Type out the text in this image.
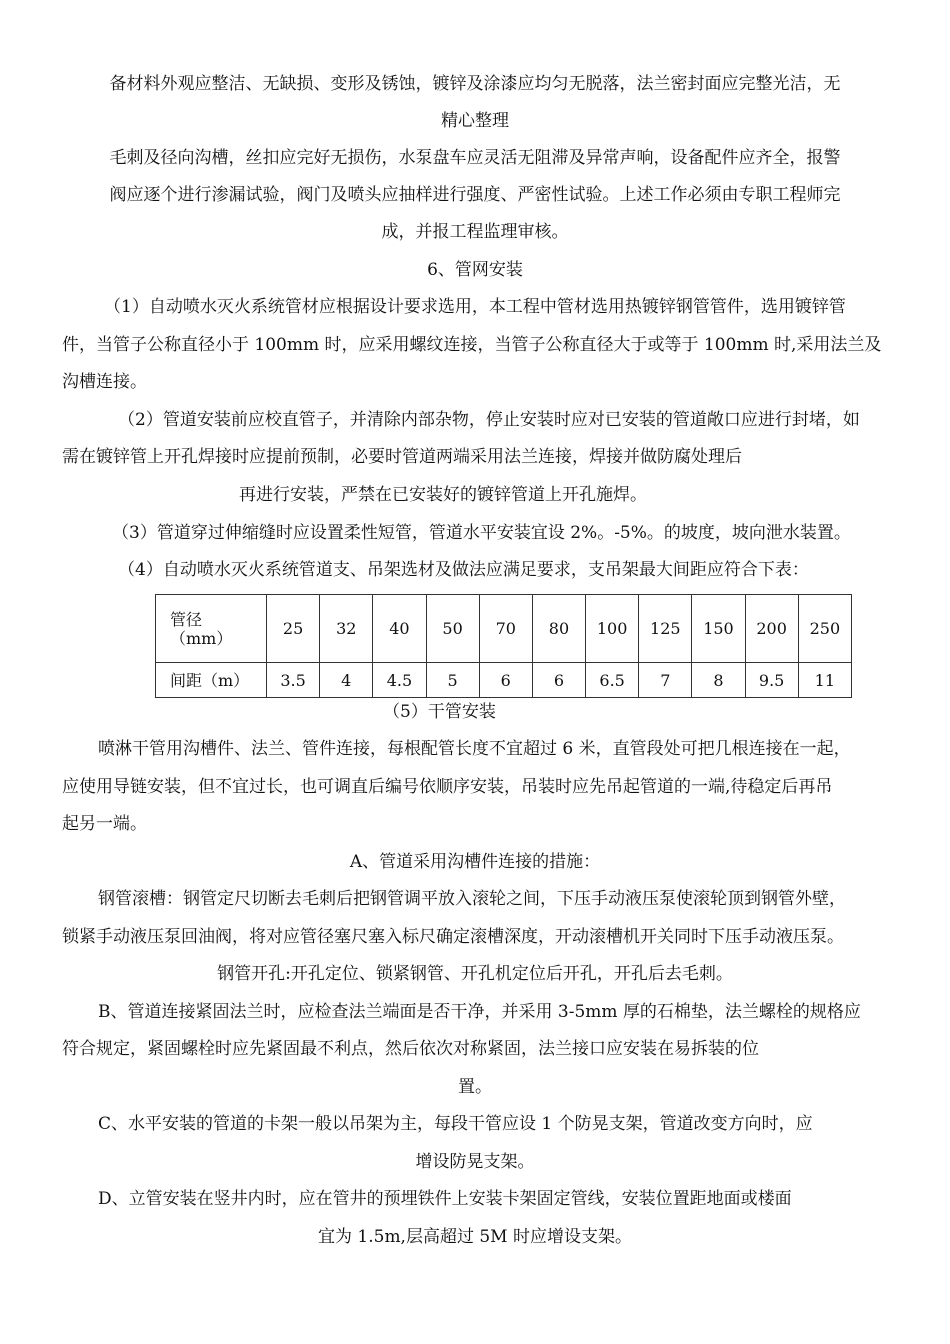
备材料外观应整洁、无缺损、变形及锈蚀，镀锌及涂漆应均匀无脱落，法兰密封面应完整光洁，无
精心整理
毛刺及径向沟槽，丝扣应完好无损伤，水泵盘车应灵活无阻滞及异常声响，设备配件应齐全，报警
阀应逐个进行渗漏试验，阀门及喷头应抽样进行强度、严密性试验。上述工作必须由专职工程师完
成，并报工程监理审核。
6、管网安装
（1）自动喷水灭火系统管材应根据设计要求选用，本工程中管材选用热镀锌钢管管件，选用镀锌管
件，当管子公称直径小于 100mm 时，应采用螺纹连接，当管子公称直径大于或等于 100mm 时,采用法兰及
沟槽连接。
（2）管道安装前应校直管子，并清除内部杂物，停止安装时应对已安装的管道敞口应进行封堵，如
需在镀锌管上开孔焊接时应提前预制，必要时管道两端采用法兰连接，焊接并做防腐处理后
再进行安装，严禁在已安装好的镀锌管道上开孔施焊。
（3）管道穿过伸缩缝时应设置柔性短管，管道水平安装宜设 2%。-5%。的坡度，坡向泄水装置。
（4）自动喷水灭火系统管道支、吊架选材及做法应满足要求，支吊架最大间距应符合下表：
管径
（mm）	25	32	40	50	70	80	100	125	150	200	250
间距（m）	3.5	4	4.5	5	6	6	6.5	7	8	9.5	11
（5）干管安装
喷淋干管用沟槽件、法兰、管件连接，每根配管长度不宜超过 6 米，直管段处可把几根连接在一起，
应使用导链安装，但不宜过长，也可调直后编号依顺序安装，吊装时应先吊起管道的一端,待稳定后再吊
起另一端。
A、管道采用沟槽件连接的措施：
钢管滚槽：钢管定尺切断去毛刺后把钢管调平放入滚轮之间，下压手动液压泵使滚轮顶到钢管外壁，
锁紧手动液压泵回油阀，将对应管径塞尺塞入标尺确定滚槽深度，开动滚槽机开关同时下压手动液压泵。
钢管开孔:开孔定位、锁紧钢管、开孔机定位后开孔，开孔后去毛刺。
B、管道连接紧固法兰时，应检查法兰端面是否干净，并采用 3-5mm 厚的石棉垫，法兰螺栓的规格应
符合规定，紧固螺栓时应先紧固最不利点，然后依次对称紧固，法兰接口应安装在易拆装的位
置。
C、水平安装的管道的卡架一般以吊架为主，每段干管应设 1 个防晃支架，管道改变方向时，应
增设防晃支架。
D、立管安装在竖井内时，应在管井的预埋铁件上安装卡架固定管线，安装位置距地面或楼面
宜为 1.5m,层高超过 5M 时应增设支架。
